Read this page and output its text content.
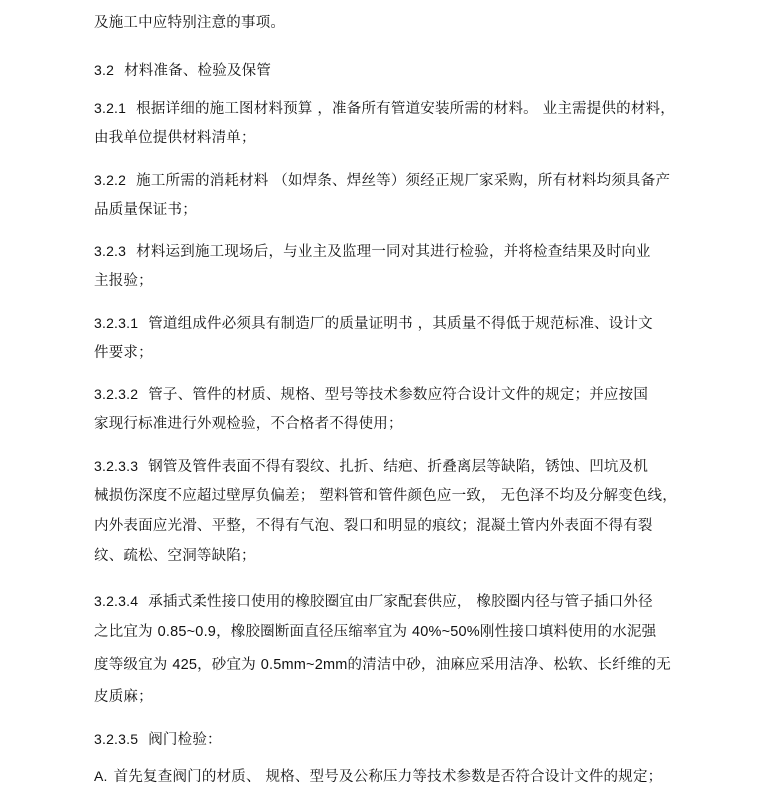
及施工中应特别注意的事项。
3.2 材料准备、检验及保管
3.2.1 根据详细的施工图材料预算 ，准备所有管道安装所需的材料。 业主需提供的材料，
由我单位提供材料清单；
3.2.2 施工所需的消耗材料 （如焊条、焊丝等）须经正规厂家采购，所有材料均须具备产
品质量保证书；
3.2.3 材料运到施工现场后，与业主及监理一同对其进行检验，并将检查结果及时向业
主报验；
3.2.3.1 管道组成件必须具有制造厂的质量证明书 ，其质量不得低于规范标准、设计文
件要求；
3.2.3.2 管子、管件的材质、规格、型号等技术参数应符合设计文件的规定；并应按国
家现行标准进行外观检验，不合格者不得使用；
3.2.3.3 钢管及管件表面不得有裂纹、扎折、结疤、折叠离层等缺陷，锈蚀、凹坑及机
械损伤深度不应超过壁厚负偏差； 塑料管和管件颜色应一致， 无色泽不均及分解变色线，
内外表面应光滑、平整，不得有气泡、裂口和明显的痕纹；混凝土管内外表面不得有裂
纹、疏松、空洞等缺陷；
3.2.3.4 承插式柔性接口使用的橡胶圈宜由厂家配套供应， 橡胶圈内径与管子插口外径
之比宜为 0.85~0.9，橡胶圈断面直径压缩率宜为 40%~50%刚性接口填料使用的水泥强
度等级宜为 425，砂宜为 0.5mm~2mm的清洁中砂，油麻应采用洁净、松软、长纤维的无
皮质麻；
3.2.3.5 阀门检验：
A. 首先复查阀门的材质、 规格、型号及公称压力等技术参数是否符合设计文件的规定；
